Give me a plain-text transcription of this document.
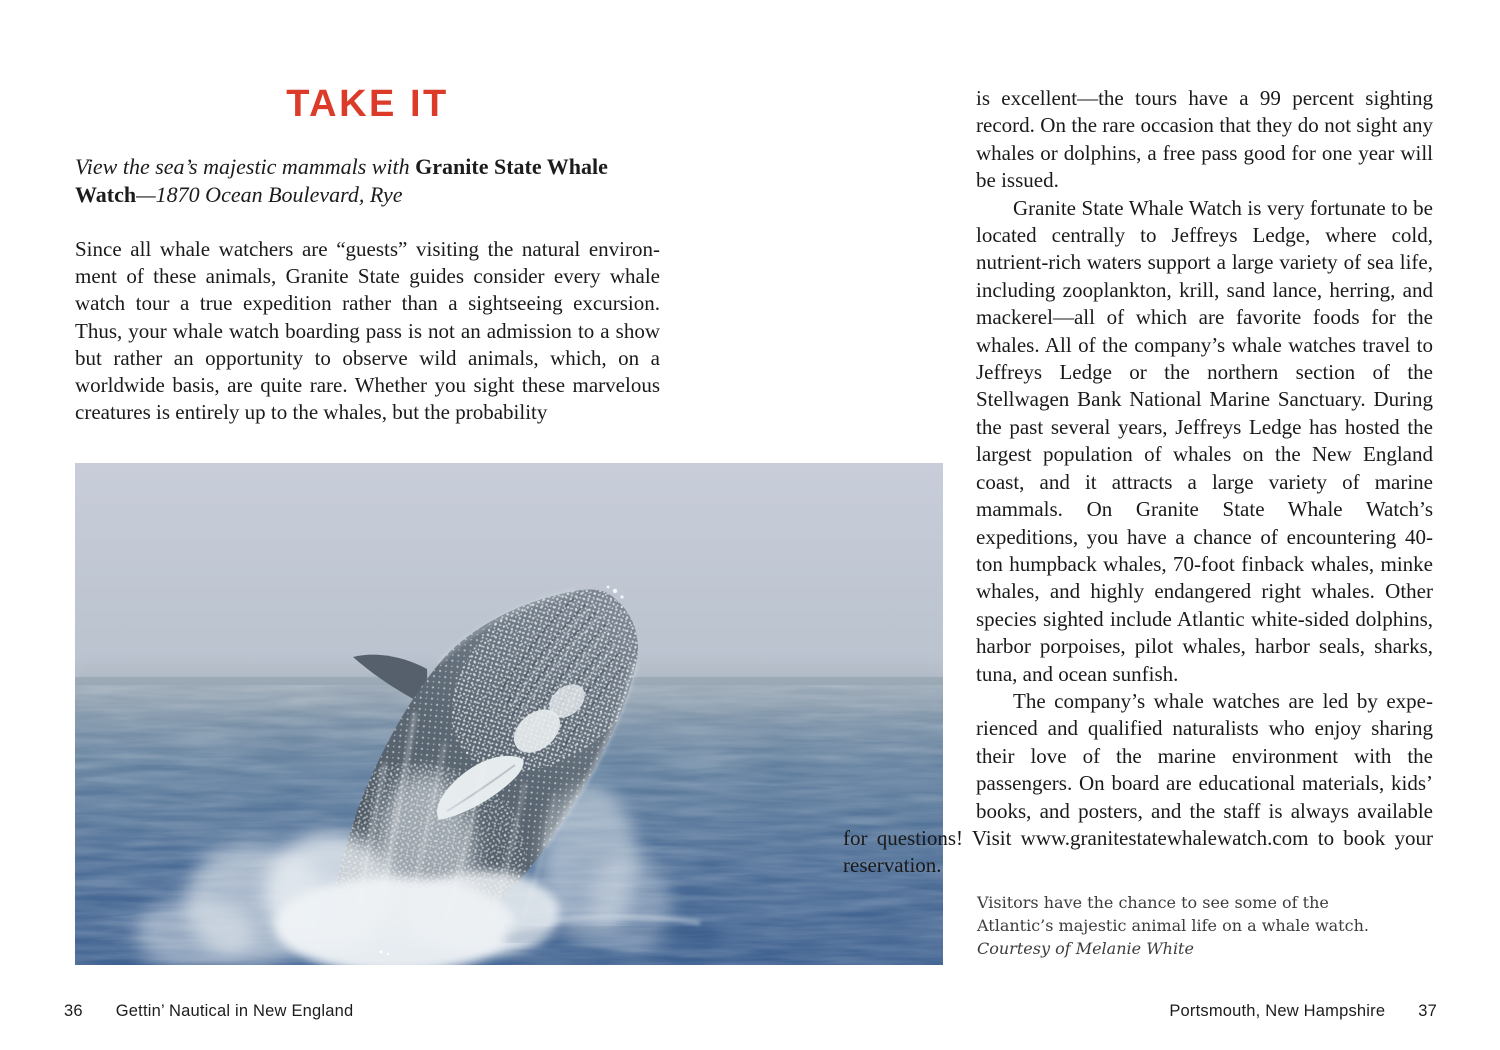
TAKE IT

View the sea’s majestic mammals with Granite State Whale Watch—1870 Ocean Boulevard, Rye

Since all whale watchers are “guests” visiting the natural environment of these animals, Granite State guides consider every whale watch tour a true expedition rather than a sightseeing excursion. Thus, your whale watch boarding pass is not an admission to a show but rather an opportunity to observe wild animals, which, on a worldwide basis, are quite rare. Whether you sight these marvelous creatures is entirely up to the whales, but the probability

is excellent—the tours have a 99 percent sighting record. On the rare occasion that they do not sight any whales or dolphins, a free pass good for one year will be issued.

Granite State Whale Watch is very fortunate to be located centrally to Jeffreys Ledge, where cold, nutrient-rich waters support a large variety of sea life, including zooplankton, krill, sand lance, herring, and mackerel—all of which are favorite foods for the whales. All of the company’s whale watches travel to Jeffreys Ledge or the northern section of the Stellwagen Bank National Marine Sanctuary. During the past several years, Jeffreys Ledge has hosted the largest population of whales on the New England coast, and it attracts a large variety of marine mammals. On Granite State Whale Watch’s expeditions, you have a chance of encountering 40-ton humpback whales, 70-foot finback whales, minke whales, and highly endangered right whales. Other species sighted include Atlantic white-sided dolphins, harbor porpoises, pilot whales, harbor seals, sharks, tuna, and ocean sunfish.

The company’s whale watches are led by experienced and qualified naturalists who enjoy sharing their love of the marine environment with the passengers. On board are educational materials, kids’ books, and posters, and the staff is always available for questions! Visit www.granitestate​whalewatch.com to book your reservation.

Visitors have the chance to see some of the
Atlantic’s majestic animal life on a whale watch.
Courtesy of Melanie White
36 Gettin’ Nautical in New England	Portsmouth, New Hampshire 37
